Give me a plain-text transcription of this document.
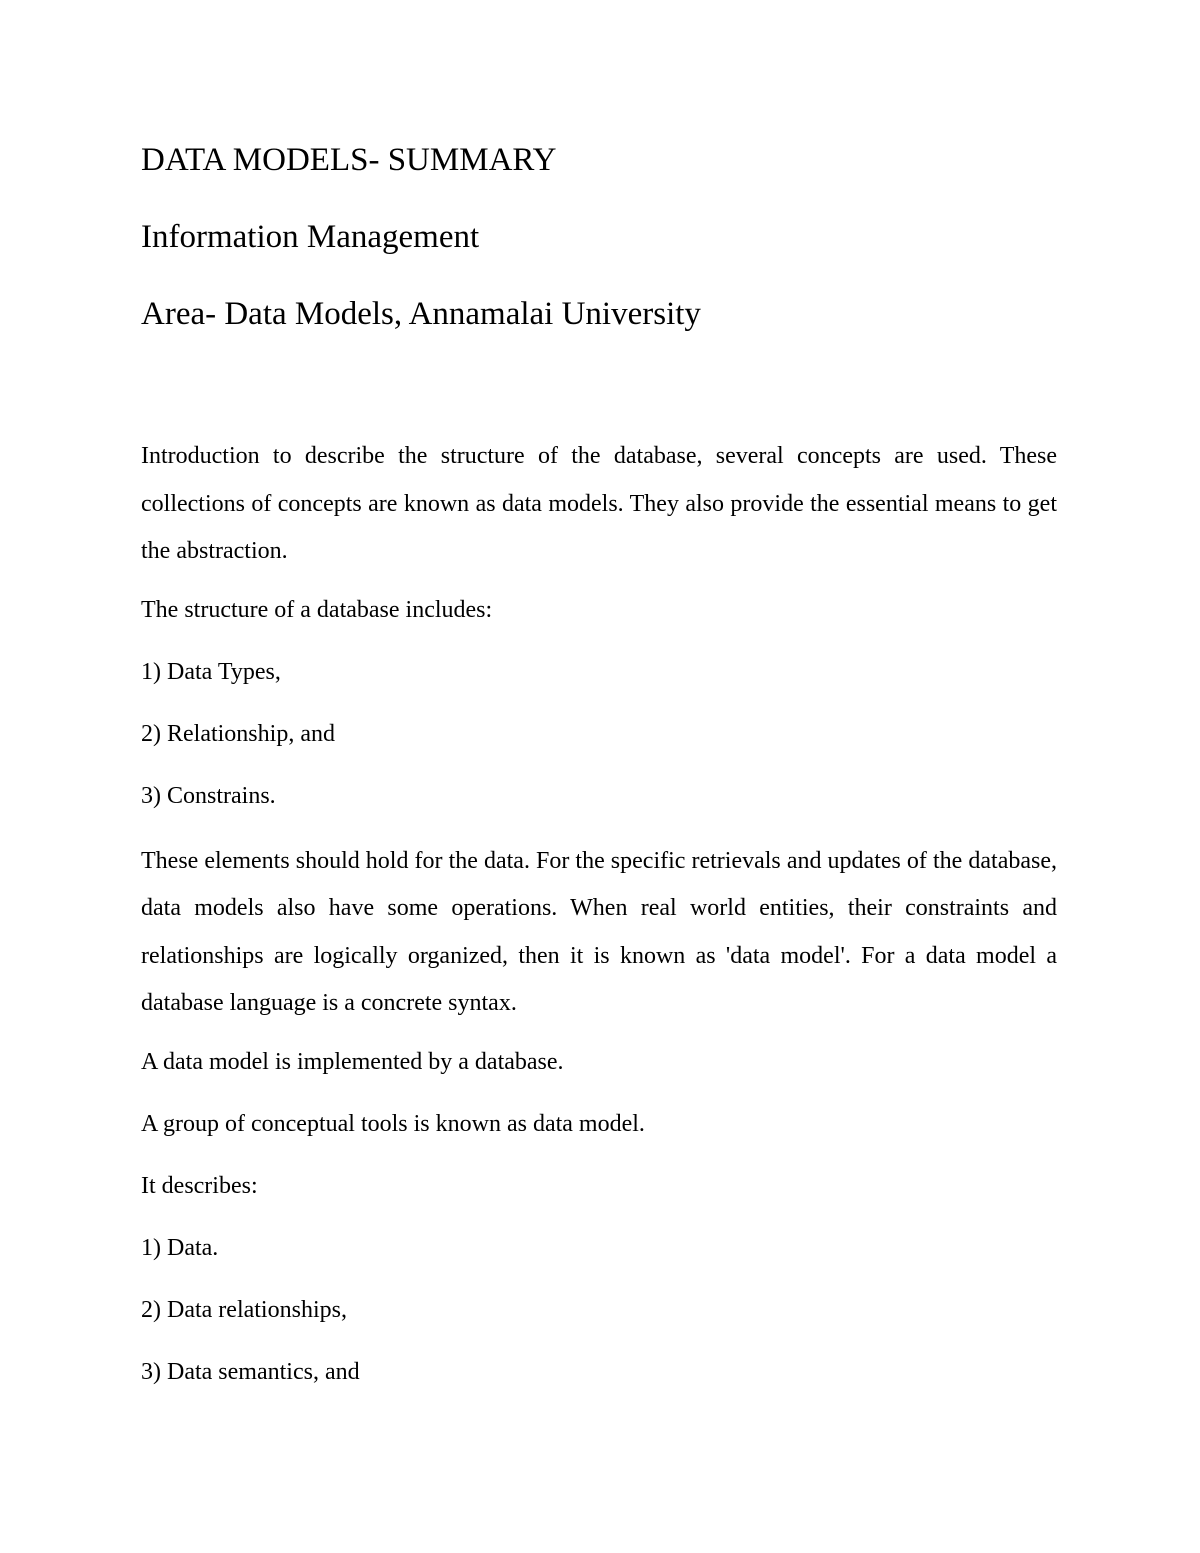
DATA MODELS- SUMMARY
Information Management
Area- Data Models, Annamalai University

Introduction to describe the structure of the database, several concepts are used. These collections of concepts are known as data models. They also provide the essential means to get the abstraction.

The structure of a database includes:

1) Data Types,

2) Relationship, and

3) Constrains.

These elements should hold for the data. For the specific retrievals and updates of the database, data models also have some operations. When real world entities, their constraints and relationships are logically organized, then it is known as 'data model'. For a data model a database language is a concrete syntax.

A data model is implemented by a database.

A group of conceptual tools is known as data model.

It describes:

1) Data.

2) Data relationships,

3) Data semantics, and
